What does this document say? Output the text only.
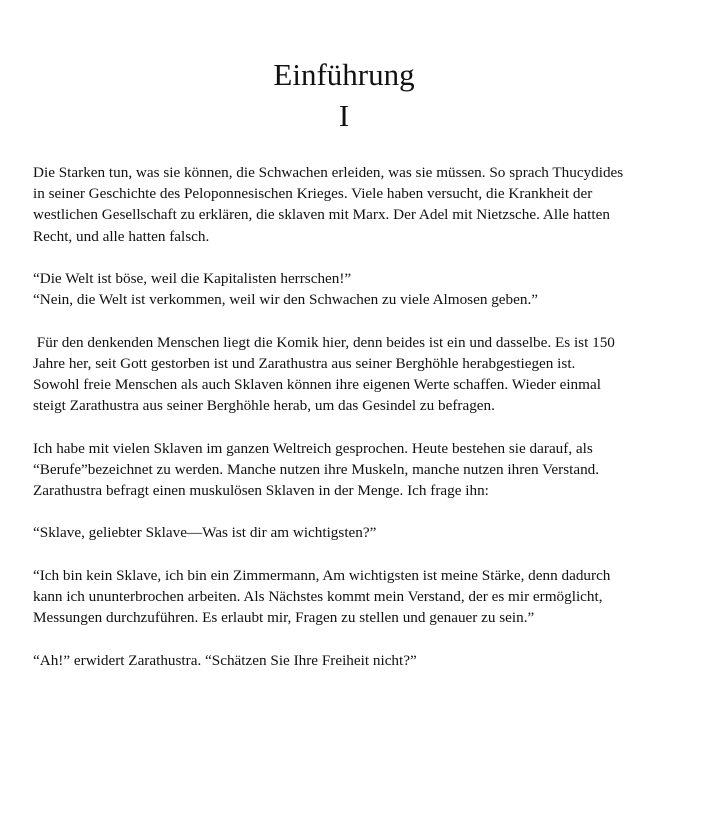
Einführung
I

Die Starken tun, was sie können, die Schwachen erleiden, was sie müssen. So sprach Thucydides
in seiner Geschichte des Peloponnesischen Krieges. Viele haben versucht, die Krankheit der
westlichen Gesellschaft zu erklären, die sklaven mit Marx. Der Adel mit Nietzsche. Alle hatten
Recht, und alle hatten falsch.

“Die Welt ist böse, weil die Kapitalisten herrschen!”
“Nein, die Welt ist verkommen, weil wir den Schwachen zu viele Almosen geben.”

Für den denkenden Menschen liegt die Komik hier, denn beides ist ein und dasselbe. Es ist 150
Jahre her, seit Gott gestorben ist und Zarathustra aus seiner Berghöhle herabgestiegen ist.
Sowohl freie Menschen als auch Sklaven können ihre eigenen Werte schaffen. Wieder einmal
steigt Zarathustra aus seiner Berghöhle herab, um das Gesindel zu befragen.

Ich habe mit vielen Sklaven im ganzen Weltreich gesprochen. Heute bestehen sie darauf, als
“Berufe”bezeichnet zu werden. Manche nutzen ihre Muskeln, manche nutzen ihren Verstand.
Zarathustra befragt einen muskulösen Sklaven in der Menge. Ich frage ihn:

“Sklave, geliebter Sklave—Was ist dir am wichtigsten?”

“Ich bin kein Sklave, ich bin ein Zimmermann, Am wichtigsten ist meine Stärke, denn dadurch
kann ich ununterbrochen arbeiten. Als Nächstes kommt mein Verstand, der es mir ermöglicht,
Messungen durchzuführen. Es erlaubt mir, Fragen zu stellen und genauer zu sein.”

“Ah!” erwidert Zarathustra. “Schätzen Sie Ihre Freiheit nicht?”
